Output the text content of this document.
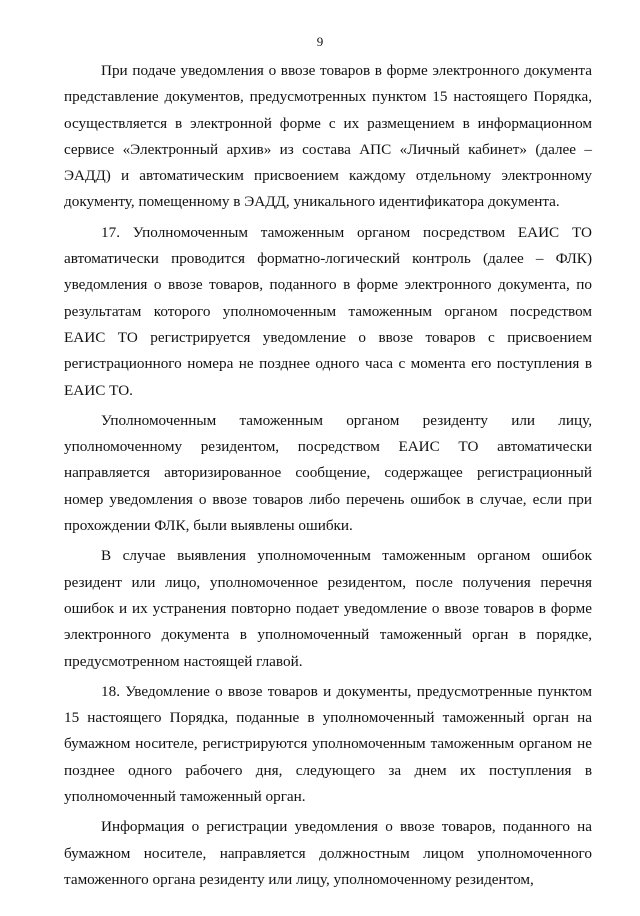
9

При подаче уведомления о ввозе товаров в форме электронного документа представление документов, предусмотренных пунктом 15 настоящего Порядка, осуществляется в электронной форме с их размещением в информационном сервисе «Электронный архив» из состава АПС «Личный кабинет» (далее – ЭАДД) и автоматическим присвоением каждому отдельному электронному документу, помещенному в ЭАДД, уникального идентификатора документа.

17. Уполномоченным таможенным органом посредством ЕАИС ТО автоматически проводится форматно-логический контроль (далее – ФЛК) уведомления о ввозе товаров, поданного в форме электронного документа, по результатам которого уполномоченным таможенным органом посредством ЕАИС ТО регистрируется уведомление о ввозе товаров с присвоением регистрационного номера не позднее одного часа с момента его поступления в ЕАИС ТО.

Уполномоченным таможенным органом резиденту или лицу, уполномоченному резидентом, посредством ЕАИС ТО автоматически направляется авторизированное сообщение, содержащее регистрационный номер уведомления о ввозе товаров либо перечень ошибок в случае, если при прохождении ФЛК, были выявлены ошибки.

В случае выявления уполномоченным таможенным органом ошибок резидент или лицо, уполномоченное резидентом, после получения перечня ошибок и их устранения повторно подает уведомление о ввозе товаров в форме электронного документа в уполномоченный таможенный орган в порядке, предусмотренном настоящей главой.

18. Уведомление о ввозе товаров и документы, предусмотренные пунктом 15 настоящего Порядка, поданные в уполномоченный таможенный орган на бумажном носителе, регистрируются уполномоченным таможенным органом не позднее одного рабочего дня, следующего за днем их поступления в уполномоченный таможенный орган.

Информация о регистрации уведомления о ввозе товаров, поданного на бумажном носителе, направляется должностным лицом уполномоченного таможенного органа резиденту или лицу, уполномоченному резидентом,
